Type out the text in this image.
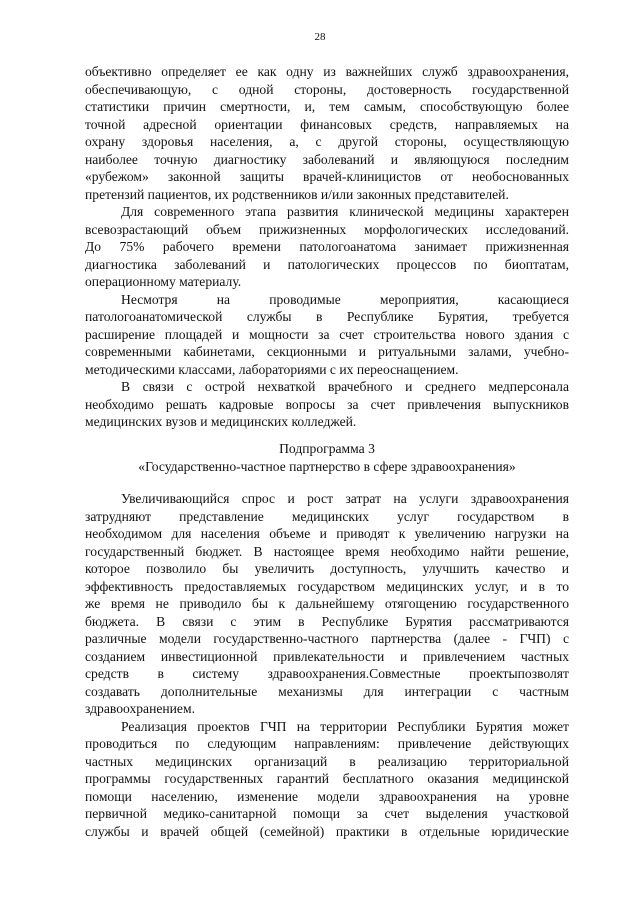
28
объективно определяет ее как одну из важнейших служб здравоохранения,
обеспечивающую, с одной стороны, достоверность государственной
статистики причин смертности, и, тем самым, способствующую более
точной адресной ориентации финансовых средств, направляемых на
охрану здоровья населения, а, с другой стороны, осуществляющую
наиболее точную диагностику заболеваний и являющуюся последним
«рубежом» законной защиты врачей-клиницистов от необоснованных
претензий пациентов, их родственников и/или законных представителей.
Для современного этапа развития клинической медицины характерен
всевозрастающий объем прижизненных морфологических исследований.
До 75% рабочего времени патологоанатома занимает прижизненная
диагностика заболеваний и патологических процессов по биоптатам,
операционному материалу.
Несмотря на проводимые мероприятия, касающиеся
патологоанатомической службы в Республике Бурятия, требуется
расширение площадей и мощности за счет строительства нового здания с
современными кабинетами, секционными и ритуальными залами, учебно-
методическими классами, лабораториями с их переоснащением.
В связи с острой нехваткой врачебного и среднего медперсонала
необходимо решать кадровые вопросы за счет привлечения выпускников
медицинских вузов и медицинских колледжей.
Подпрограмма 3
«Государственно-частное партнерство в сфере здравоохранения»
Увеличивающийся спрос и рост затрат на услуги здравоохранения
затрудняют представление медицинских услуг государством в
необходимом для населения объеме и приводят к увеличению нагрузки на
государственный бюджет. В настоящее время необходимо найти решение,
которое позволило бы увеличить доступность, улучшить качество и
эффективность предоставляемых государством медицинских услуг, и в то
же время не приводило бы к дальнейшему отягощению государственного
бюджета. В связи с этим в Республике Бурятия рассматриваются
различные модели государственно-частного партнерства (далее - ГЧП) с
созданием инвестиционной привлекательности и привлечением частных
средств в систему здравоохранения.Совместные проектыпозволят
создавать дополнительные механизмы для интеграции с частным
здравоохранением.
Реализация проектов ГЧП на территории Республики Бурятия может
проводиться по следующим направлениям: привлечение действующих
частных медицинских организаций в реализацию территориальной
программы государственных гарантий бесплатного оказания медицинской
помощи населению, изменение модели здравоохранения на уровне
первичной медико-санитарной помощи за счет выделения участковой
службы и врачей общей (семейной) практики в отдельные юридические
